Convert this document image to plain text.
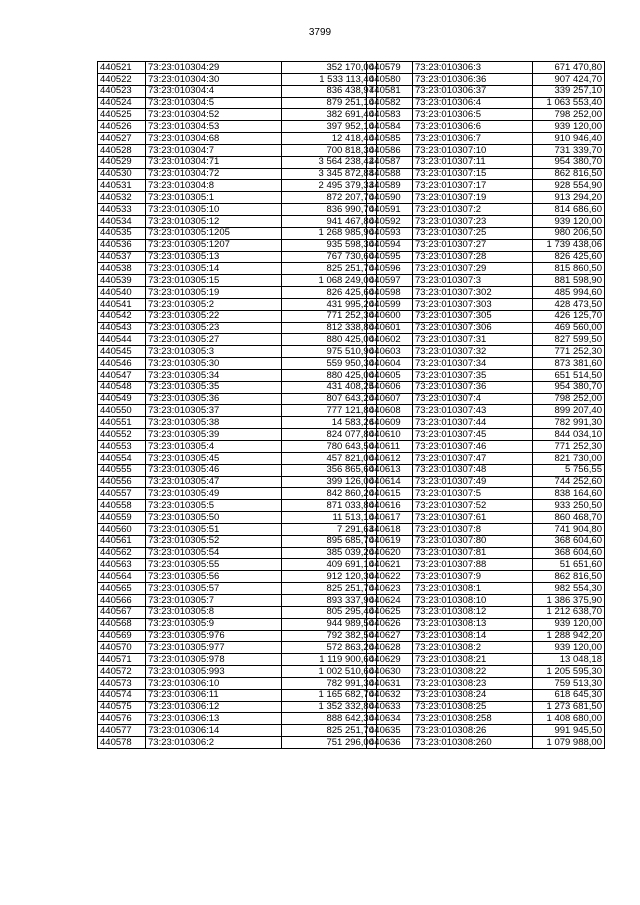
3799
440521	73:23:010304:29	352 170,00
440522	73:23:010304:30	1 533 113,40
440523	73:23:010304:4	836 438,97
440524	73:23:010304:5	879 251,10
440525	73:23:010304:52	382 691,40
440526	73:23:010304:53	397 952,10
440527	73:23:010304:68	12 418,40
440528	73:23:010304:7	700 818,30
440529	73:23:010304:71	3 564 238,42
440530	73:23:010304:72	3 345 872,88
440531	73:23:010304:8	2 495 379,33
440532	73:23:010305:1	872 207,70
440533	73:23:010305:10	836 990,70
440534	73:23:010305:12	941 467,80
440535	73:23:010305:1205	1 268 985,90
440536	73:23:010305:1207	935 598,30
440537	73:23:010305:13	767 730,60
440538	73:23:010305:14	825 251,70
440539	73:23:010305:15	1 068 249,00
440540	73:23:010305:19	826 425,60
440541	73:23:010305:2	431 995,20
440542	73:23:010305:22	771 252,30
440543	73:23:010305:23	812 338,80
440544	73:23:010305:27	880 425,00
440545	73:23:010305:3	975 510,90
440546	73:23:010305:30	559 950,30
440547	73:23:010305:34	880 425,00
440548	73:23:010305:35	431 408,25
440549	73:23:010305:36	807 643,20
440550	73:23:010305:37	777 121,80
440551	73:23:010305:38	14 583,26
440552	73:23:010305:39	824 077,80
440553	73:23:010305:4	780 643,50
440554	73:23:010305:45	457 821,00
440555	73:23:010305:46	356 865,60
440556	73:23:010305:47	399 126,00
440557	73:23:010305:49	842 860,20
440558	73:23:010305:5	871 033,80
440559	73:23:010305:50	11 513,10
440560	73:23:010305:51	7 291,63
440561	73:23:010305:52	895 685,70
440562	73:23:010305:54	385 039,20
440563	73:23:010305:55	409 691,10
440564	73:23:010305:56	912 120,30
440565	73:23:010305:57	825 251,70
440566	73:23:010305:7	893 337,90
440567	73:23:010305:8	805 295,40
440568	73:23:010305:9	944 989,50
440569	73:23:010305:976	792 382,50
440570	73:23:010305:977	572 863,20
440571	73:23:010305:978	1 119 900,60
440572	73:23:010305:993	1 002 510,60
440573	73:23:010306:10	782 991,30
440574	73:23:010306:11	1 165 682,70
440575	73:23:010306:12	1 352 332,80
440576	73:23:010306:13	888 642,30
440577	73:23:010306:14	825 251,70
440578	73:23:010306:2	751 296,00
440579	73:23:010306:3	671 470,80
440580	73:23:010306:36	907 424,70
440581	73:23:010306:37	339 257,10
440582	73:23:010306:4	1 063 553,40
440583	73:23:010306:5	798 252,00
440584	73:23:010306:6	939 120,00
440585	73:23:010306:7	910 946,40
440586	73:23:010307:10	731 339,70
440587	73:23:010307:11	954 380,70
440588	73:23:010307:15	862 816,50
440589	73:23:010307:17	928 554,90
440590	73:23:010307:19	913 294,20
440591	73:23:010307:2	814 686,60
440592	73:23:010307:23	939 120,00
440593	73:23:010307:25	980 206,50
440594	73:23:010307:27	1 739 438,06
440595	73:23:010307:28	826 425,60
440596	73:23:010307:29	815 860,50
440597	73:23:010307:3	881 598,90
440598	73:23:010307:302	485 994,60
440599	73:23:010307:303	428 473,50
440600	73:23:010307:305	426 125,70
440601	73:23:010307:306	469 560,00
440602	73:23:010307:31	827 599,50
440603	73:23:010307:32	771 252,30
440604	73:23:010307:34	873 381,60
440605	73:23:010307:35	651 514,50
440606	73:23:010307:36	954 380,70
440607	73:23:010307:4	798 252,00
440608	73:23:010307:43	899 207,40
440609	73:23:010307:44	782 991,30
440610	73:23:010307:45	844 034,10
440611	73:23:010307:46	771 252,30
440612	73:23:010307:47	821 730,00
440613	73:23:010307:48	5 756,55
440614	73:23:010307:49	744 252,60
440615	73:23:010307:5	838 164,60
440616	73:23:010307:52	933 250,50
440617	73:23:010307:61	860 468,70
440618	73:23:010307:8	741 904,80
440619	73:23:010307:80	368 604,60
440620	73:23:010307:81	368 604,60
440621	73:23:010307:88	51 651,60
440622	73:23:010307:9	862 816,50
440623	73:23:010308:1	982 554,30
440624	73:23:010308:10	1 386 375,90
440625	73:23:010308:12	1 212 638,70
440626	73:23:010308:13	939 120,00
440627	73:23:010308:14	1 288 942,20
440628	73:23:010308:2	939 120,00
440629	73:23:010308:21	13 048,18
440630	73:23:010308:22	1 205 595,30
440631	73:23:010308:23	759 513,30
440632	73:23:010308:24	618 645,30
440633	73:23:010308:25	1 273 681,50
440634	73:23:010308:258	1 408 680,00
440635	73:23:010308:26	991 945,50
440636	73:23:010308:260	1 079 988,00
